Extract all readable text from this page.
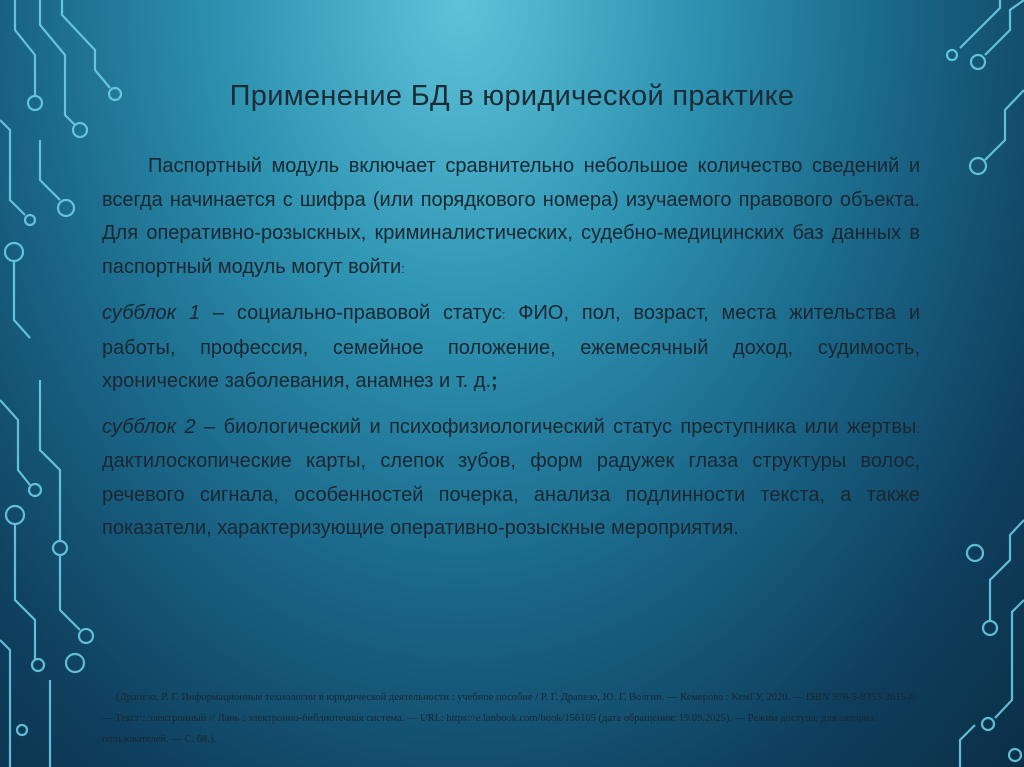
Применение БД в юридической практике

Паспортный модуль включает сравнительно небольшое количество сведений и всегда начинается с шифра (или порядкового номера) изучаемого правового объекта. Для оперативно-розыскных, криминалистических, судебно-медицинских баз данных в паспортный модуль могут войти:

субблок 1 – социально-правовой статус: ФИО, пол, возраст, места жительства и работы, профессия, семейное положение, ежемесячный доход, судимость, хронические заболевания, анамнез и т. д.;

субблок 2 – биологический и психофизиологический статус преступника или жертвы: дактилоскопические карты, слепок зубов, форм радужек глаза структуры волос, речевого сигнала, особенностей почерка, анализа подлинности текста, а также показатели, характеризующие оперативно-розыскные мероприятия.

(Драпезо, Р. Г. Информационные технологии в юридической деятельности : учебное пособие / Р. Г. Драпезо, Ю. Г. Волгин. — Кемерово : КемГУ, 2020. — ISBN 978-5-8353-2615-0. — Текст : электронный // Лань : электронно-библиотечная система. — URL: https://e.lanbook.com/book/156105 (дата обращения: 19.09.2025). — Режим доступа: для авториз. пользователей. — С. 68.).
